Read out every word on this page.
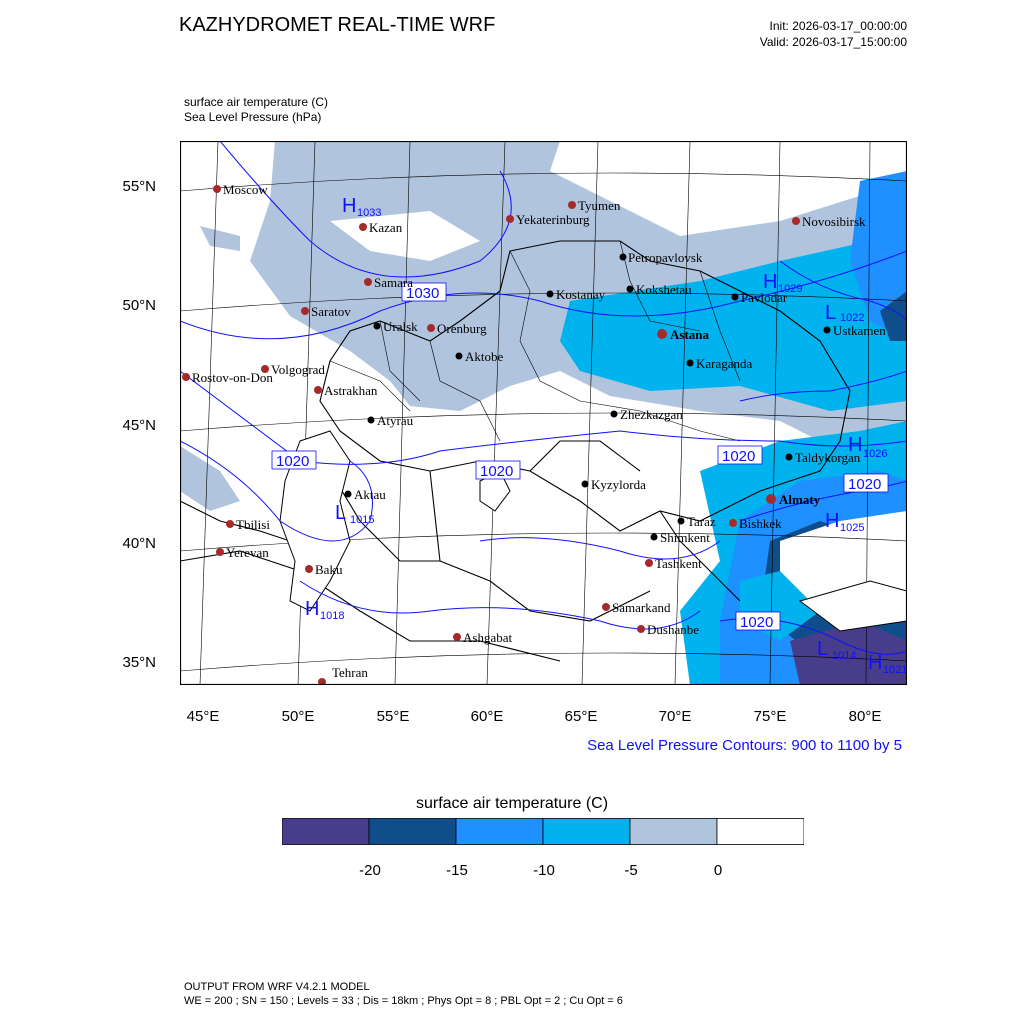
KAZHYDROMET REAL-TIME WRF	Init: 2026-03-17_00:00:00
Valid: 2026-03-17_15:00:00
surface air temperature (C)
Sea Level Pressure (hPa)
1030
1020
1020
1020
1020
1020
H 1033
H 1029
H 1018
L 1015	H 1025
H 1026
L 1022
L 1014 H 1021
Moscow
Kazan
Tyumen
Yekaterinburg	Novosibirsk
Samara
Saratov
Orenburg
Volgograd
Rostov-on-Don
Astrakhan
Tbilisi
Yerevan
Baku
Ashgabat
Tehran
Samarkand
Dushanbe
Tashkent
Bishkek
Astana
Almaty
Petropavlovsk
Kostanay Kokshetau
Pavlodar
Uralsk
Aktobe	Karaganda
Ustkamen
Atyrau	Zhezkazgan
Kyzylorda
Aktau
Taldykorgan
Taraz
Shimkent
55°N
50°N
45°N
40°N
35°N
45°E	50°E	55°E	60°E	65°E	70°E	75°E	80°E
Sea Level Pressure Contours: 900 to 1100 by 5
surface air temperature (C)
-20	-15	-10	-5	0
OUTPUT FROM WRF V4.2.1 MODEL
WE = 200 ; SN = 150 ; Levels = 33 ; Dis = 18km ; Phys Opt = 8 ; PBL Opt = 2 ; Cu Opt = 6
